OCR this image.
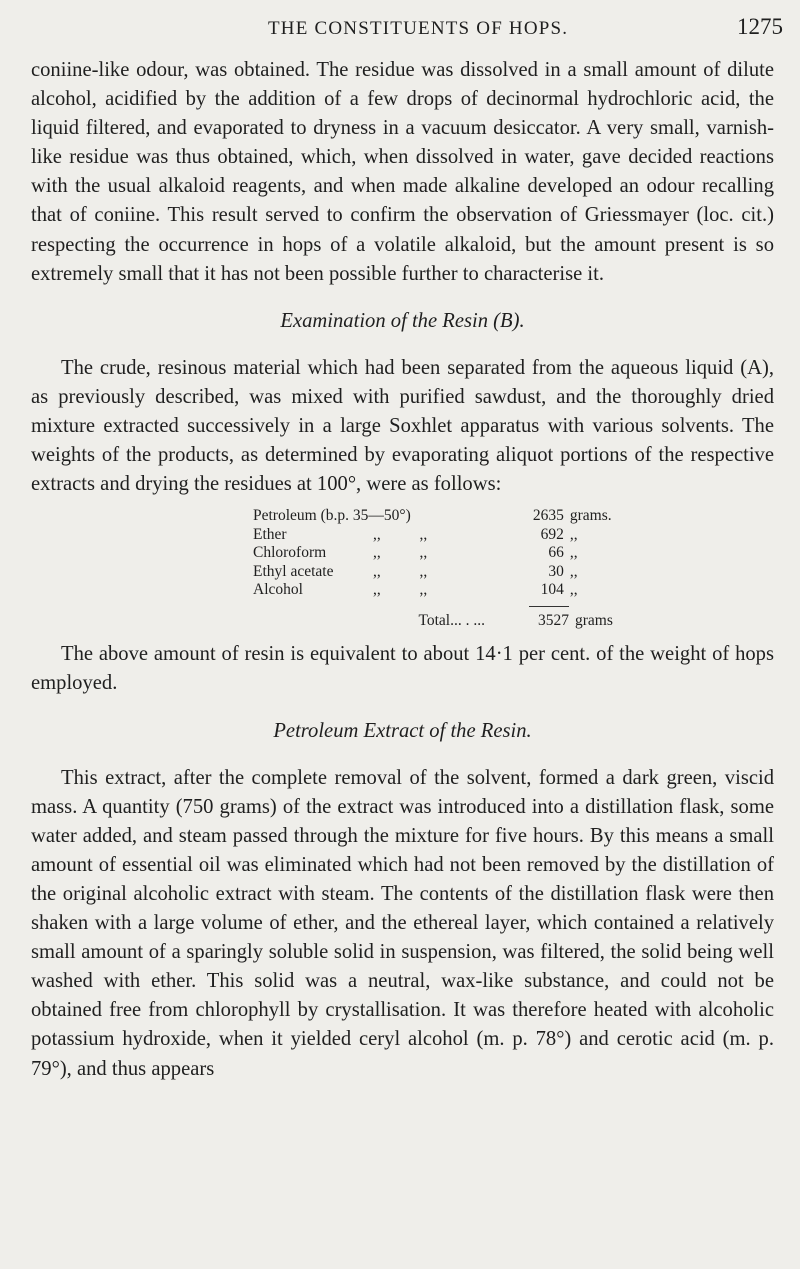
THE CONSTITUENTS OF HOPS.	1275

coniine-like odour, was obtained. The residue was dissolved in a small amount of dilute alcohol, acidified by the addition of a few drops of decinormal hydrochloric acid, the liquid filtered, and evaporated to dryness in a vacuum desiccator. A very small, varnish-like residue was thus obtained, which, when dissolved in water, gave decided reactions with the usual alkaloid reagents, and when made alkaline developed an odour recalling that of coniine. This result served to confirm the observation of Griessmayer (loc. cit.) respecting the occurrence in hops of a volatile alkaloid, but the amount present is so extremely small that it has not been possible further to characterise it.

Examination of the Resin (B).

The crude, resinous material which had been separated from the aqueous liquid (A), as previously described, was mixed with purified sawdust, and the thoroughly dried mixture extracted successively in a large Soxhlet apparatus with various solvents. The weights of the products, as determined by evaporating aliquot portions of the respective extracts and drying the residues at 100°, were as follows:

Petroleum (b.p. 35—50°)	2635 grams.
Ether	,,          ,,	692 ,,
Chloroform	,,          ,,	66 ,,
Ethyl acetate	,,          ,,	30 ,,
Alcohol	,,          ,,	104 ,,
Total... . ...	3527 grams

The above amount of resin is equivalent to about 14·1 per cent. of the weight of hops employed.

Petroleum Extract of the Resin.

This extract, after the complete removal of the solvent, formed a dark green, viscid mass. A quantity (750 grams) of the extract was introduced into a distillation flask, some water added, and steam passed through the mixture for five hours. By this means a small amount of essential oil was eliminated which had not been removed by the distillation of the original alcoholic extract with steam. The contents of the distillation flask were then shaken with a large volume of ether, and the ethereal layer, which contained a relatively small amount of a sparingly soluble solid in suspension, was filtered, the solid being well washed with ether. This solid was a neutral, wax-like substance, and could not be obtained free from chlorophyll by crystallisation. It was therefore heated with alcoholic potassium hydroxide, when it yielded ceryl alcohol (m. p. 78°) and cerotic acid (m. p. 79°), and thus appears
